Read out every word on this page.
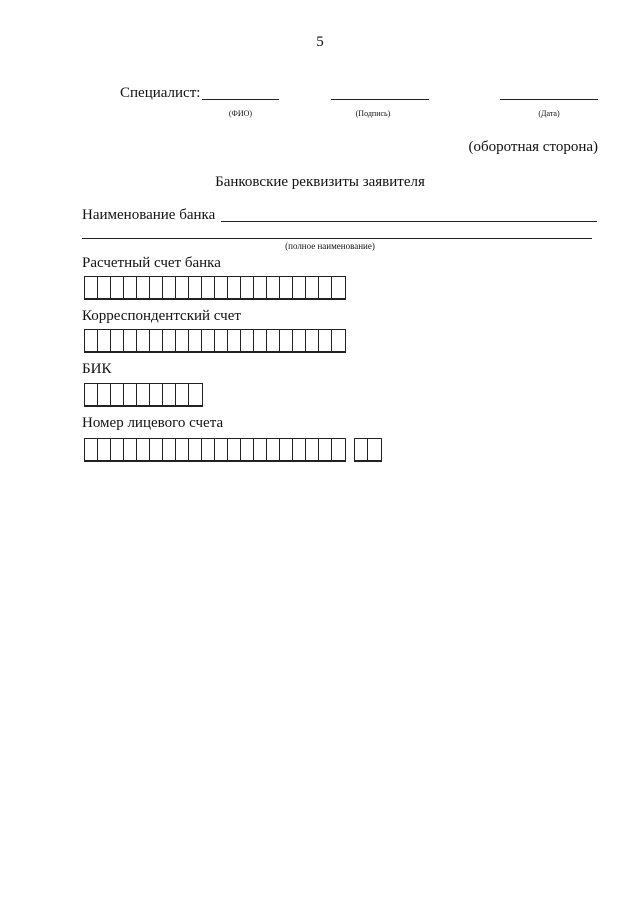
5
Специалист:
(ФИО)	(Подпись)	(Дата)
(оборотная сторона)
Банковские реквизиты заявителя
Наименование банка
(полное наименование)
Расчетный счет банка
Корреспондентский счет
БИК
Номер лицевого счета
